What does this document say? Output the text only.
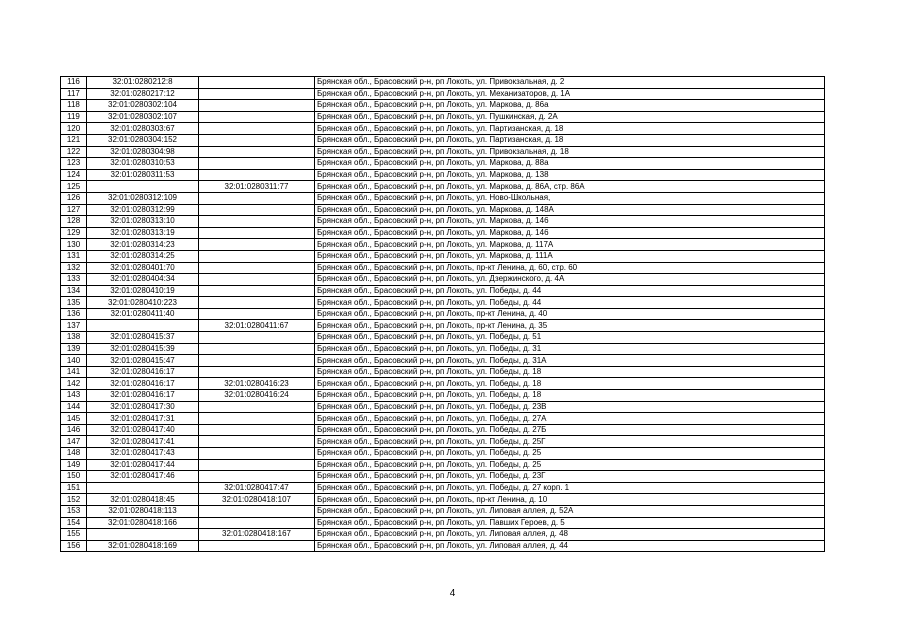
116	32:01:0280212:8		Брянская обл., Брасовский р-н, рп Локоть, ул. Привокзальная, д. 2
117	32:01:0280217:12		Брянская обл., Брасовский р-н, рп Локоть, ул. Механизаторов, д. 1А
118	32:01:0280302:104		Брянская обл., Брасовский р-н, рп Локоть, ул. Маркова, д. 86а
119	32:01:0280302:107		Брянская обл., Брасовский р-н, рп Локоть, ул. Пушкинская, д. 2А
120	32:01:0280303:67		Брянская обл., Брасовский р-н, рп Локоть, ул. Партизанская, д. 18
121	32:01:0280304:152		Брянская обл., Брасовский р-н, рп Локоть, ул. Партизанская, д. 18
122	32:01:0280304:98		Брянская обл., Брасовский р-н, рп Локоть, ул. Привокзальная, д. 18
123	32:01:0280310:53		Брянская обл., Брасовский р-н, рп Локоть, ул. Маркова, д. 88а
124	32:01:0280311:53		Брянская обл., Брасовский р-н, рп Локоть, ул. Маркова, д. 138
125		32:01:0280311:77	Брянская обл., Брасовский р-н, рп Локоть, ул. Маркова, д. 86А, стр. 86А
126	32:01:0280312:109		Брянская обл., Брасовский р-н, рп Локоть, ул. Ново-Школьная,
127	32:01:0280312:99		Брянская обл., Брасовский р-н, рп Локоть, ул. Маркова, д. 148А
128	32:01:0280313:10		Брянская обл., Брасовский р-н, рп Локоть, ул. Маркова, д. 146
129	32:01:0280313:19		Брянская обл., Брасовский р-н, рп Локоть, ул. Маркова, д. 146
130	32:01:0280314:23		Брянская обл., Брасовский р-н, рп Локоть, ул. Маркова, д. 117А
131	32:01:0280314:25		Брянская обл., Брасовский р-н, рп Локоть, ул. Маркова, д. 111А
132	32:01:0280401:70		Брянская обл., Брасовский р-н, рп Локоть, пр-кт Ленина, д. 60, стр. 60
133	32:01:0280404:34		Брянская обл., Брасовский р-н, рп Локоть, ул. Дзержинского, д. 4А
134	32:01:0280410:19		Брянская обл., Брасовский р-н, рп Локоть, ул. Победы, д. 44
135	32:01:0280410:223		Брянская обл., Брасовский р-н, рп Локоть, ул. Победы, д. 44
136	32:01:0280411:40		Брянская обл., Брасовский р-н, рп Локоть, пр-кт Ленина, д. 40
137		32:01:0280411:67	Брянская обл., Брасовский р-н, рп Локоть, пр-кт Ленина, д. 35
138	32:01:0280415:37		Брянская обл., Брасовский р-н, рп Локоть, ул. Победы, д. 51
139	32:01:0280415:39		Брянская обл., Брасовский р-н, рп Локоть, ул. Победы, д. 31
140	32:01:0280415:47		Брянская обл., Брасовский р-н, рп Локоть, ул. Победы, д. 31А
141	32:01:0280416:17		Брянская обл., Брасовский р-н, рп Локоть, ул. Победы, д. 18
142	32:01:0280416:17	32:01:0280416:23	Брянская обл., Брасовский р-н, рп Локоть, ул. Победы, д. 18
143	32:01:0280416:17	32:01:0280416:24	Брянская обл., Брасовский р-н, рп Локоть, ул. Победы, д. 18
144	32:01:0280417:30		Брянская обл., Брасовский р-н, рп Локоть, ул. Победы, д. 23В
145	32:01:0280417:31		Брянская обл., Брасовский р-н, рп Локоть, ул. Победы, д. 27А
146	32:01:0280417:40		Брянская обл., Брасовский р-н, рп Локоть, ул. Победы, д. 27Б
147	32:01:0280417:41		Брянская обл., Брасовский р-н, рп Локоть, ул. Победы, д. 25Г
148	32:01:0280417:43		Брянская обл., Брасовский р-н, рп Локоть, ул. Победы, д. 25
149	32:01:0280417:44		Брянская обл., Брасовский р-н, рп Локоть, ул. Победы, д. 25
150	32:01:0280417:46		Брянская обл., Брасовский р-н, рп Локоть, ул. Победы, д. 23Г
151		32:01:0280417:47	Брянская обл., Брасовский р-н, рп Локоть, ул. Победы, д. 27 корп. 1
152	32:01:0280418:45	32:01:0280418:107	Брянская обл., Брасовский р-н, рп Локоть, пр-кт Ленина, д. 10
153	32:01:0280418:113		Брянская обл., Брасовский р-н, рп Локоть, ул. Липовая аллея, д. 52А
154	32:01:0280418:166		Брянская обл., Брасовский р-н, рп Локоть, ул. Павших Героев, д. 5
155		32:01:0280418:167	Брянская обл., Брасовский р-н, рп Локоть, ул. Липовая аллея, д. 48
156	32:01:0280418:169		Брянская обл., Брасовский р-н, рп Локоть, ул. Липовая аллея, д. 44
4
